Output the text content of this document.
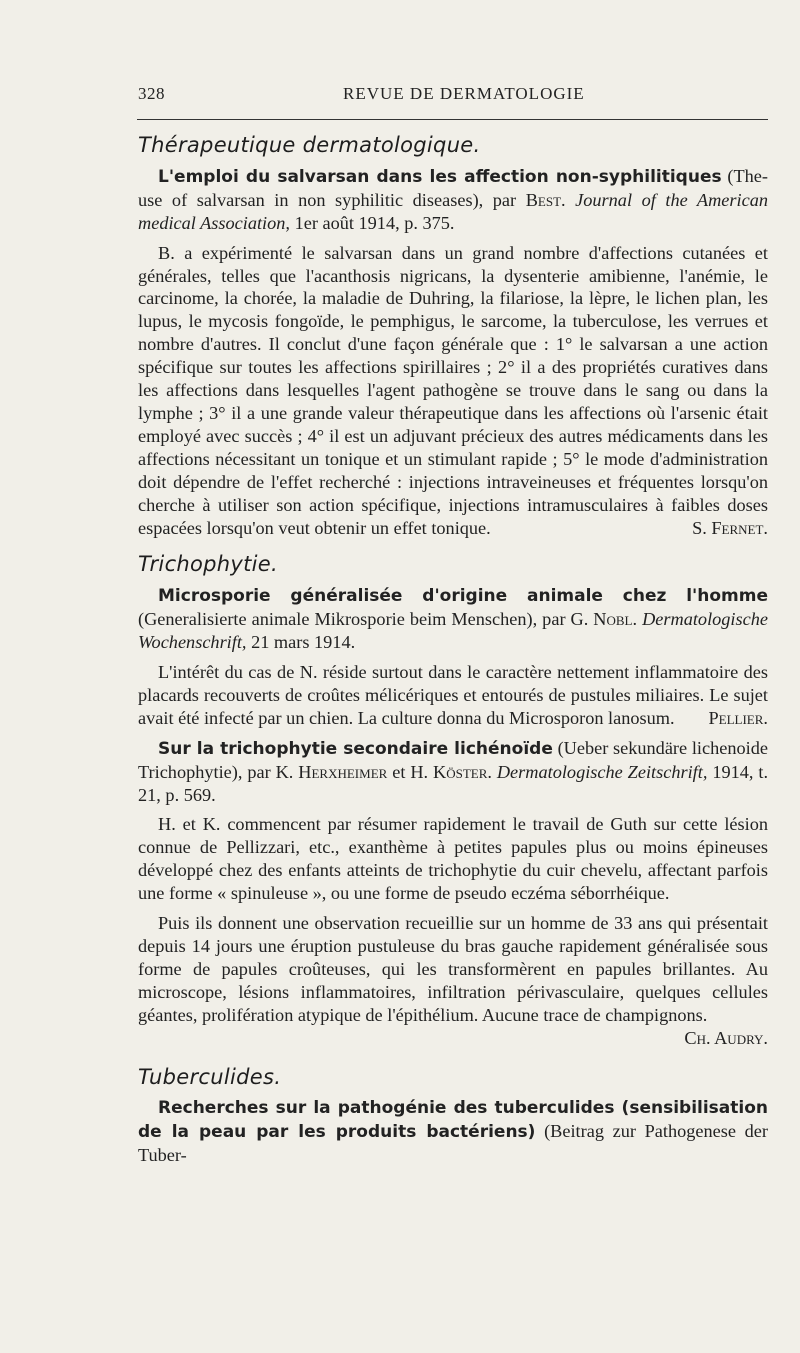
328	REVUE DE DERMATOLOGIE
Thérapeutique dermatologique.

L'emploi du salvarsan dans les affection non-syphilitiques (The-use of salvarsan in non syphilitic diseases), par Best. Journal of the American medical Association, 1er août 1914, p. 375.

B. a expérimenté le salvarsan dans un grand nombre d'affections cutanées et générales, telles que l'acanthosis nigricans, la dysenterie amibienne, l'anémie, le carcinome, la chorée, la maladie de Duhring, la filariose, la lèpre, le lichen plan, les lupus, le mycosis fongoïde, le pemphigus, le sarcome, la tuberculose, les verrues et nombre d'autres. Il conclut d'une façon générale que : 1° le salvarsan a une action spécifique sur toutes les affections spirillaires ; 2° il a des propriétés curatives dans les affections dans lesquelles l'agent pathogène se trouve dans le sang ou dans la lymphe ; 3° il a une grande valeur thérapeutique dans les affections où l'arsenic était employé avec succès ; 4° il est un adjuvant précieux des autres médicaments dans les affections nécessitant un tonique et un stimulant rapide ; 5° le mode d'administration doit dépendre de l'effet recherché : injections intraveineuses et fréquentes lorsqu'on cherche à utiliser son action spécifique, injections intramusculaires à faibles doses espacées lorsqu'on veut obtenir un effet tonique.	S. Fernet.

Trichophytie.

Microsporie généralisée d'origine animale chez l'homme (Generalisierte animale Mikrosporie beim Menschen), par G. Nobl. Dermatologische Wochenschrift, 21 mars 1914.

L'intérêt du cas de N. réside surtout dans le caractère nettement inflammatoire des placards recouverts de croûtes mélicériques et entourés de pustules miliaires. Le sujet avait été infecté par un chien. La culture donna du Microsporon lanosum.	Pellier.

Sur la trichophytie secondaire lichénoïde (Ueber sekundäre lichenoide Trichophytie), par K. Herxheimer et H. Köster. Dermatologische Zeitschrift, 1914, t. 21, p. 569.

H. et K. commencent par résumer rapidement le travail de Guth sur cette lésion connue de Pellizzari, etc., exanthème à petites papules plus ou moins épineuses développé chez des enfants atteints de trichophytie du cuir chevelu, affectant parfois une forme « spinuleuse », ou une forme de pseudo eczéma séborrhéique.

Puis ils donnent une observation recueillie sur un homme de 33 ans qui présentait depuis 14 jours une éruption pustuleuse du bras gauche rapidement généralisée sous forme de papules croûteuses, qui les transformèrent en papules brillantes. Au microscope, lésions inflammatoires, infiltration périvasculaire, quelques cellules géantes, prolifération atypique de l'épithélium. Aucune trace de champignons.
Ch. Audry.

Tuberculides.

Recherches sur la pathogénie des tuberculides (sensibilisation de la peau par les produits bactériens) (Beitrag zur Pathogenese der Tuber-
